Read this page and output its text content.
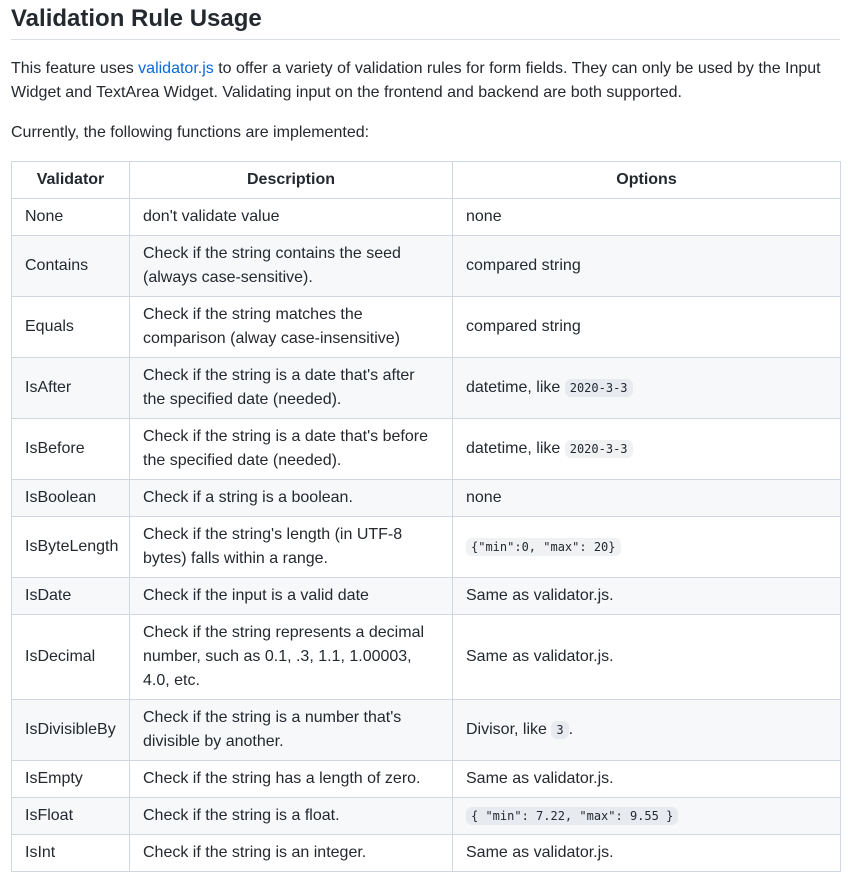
Validation Rule Usage

This feature uses validator.js to offer a variety of validation rules for form fields. They can only be used by the Input Widget and TextArea Widget. Validating input on the frontend and backend are both supported.

Currently, the following functions are implemented:

Validator	Description	Options
None	don't validate value	none
Contains	Check if the string contains the seed (always case-sensitive).	compared string
Equals	Check if the string matches the comparison (alway case-insensitive)	compared string
IsAfter	Check if the string is a date that's after the specified date (needed).	datetime, like 2020-3-3
IsBefore	Check if the string is a date that's before the specified date (needed).	datetime, like 2020-3-3
IsBoolean	Check if a string is a boolean.	none
IsByteLength	Check if the string's length (in UTF-8 bytes) falls within a range.	{"min":0, "max": 20}
IsDate	Check if the input is a valid date	Same as validator.js.
IsDecimal	Check if the string represents a decimal number, such as 0.1, .3, 1.1, 1.00003, 4.0, etc.	Same as validator.js.
IsDivisibleBy	Check if the string is a number that's divisible by another.	Divisor, like 3 .
IsEmpty	Check if the string has a length of zero.	Same as validator.js.
IsFloat	Check if the string is a float.	{ "min": 7.22, "max": 9.55 }
IsInt	Check if the string is an integer.	Same as validator.js.
